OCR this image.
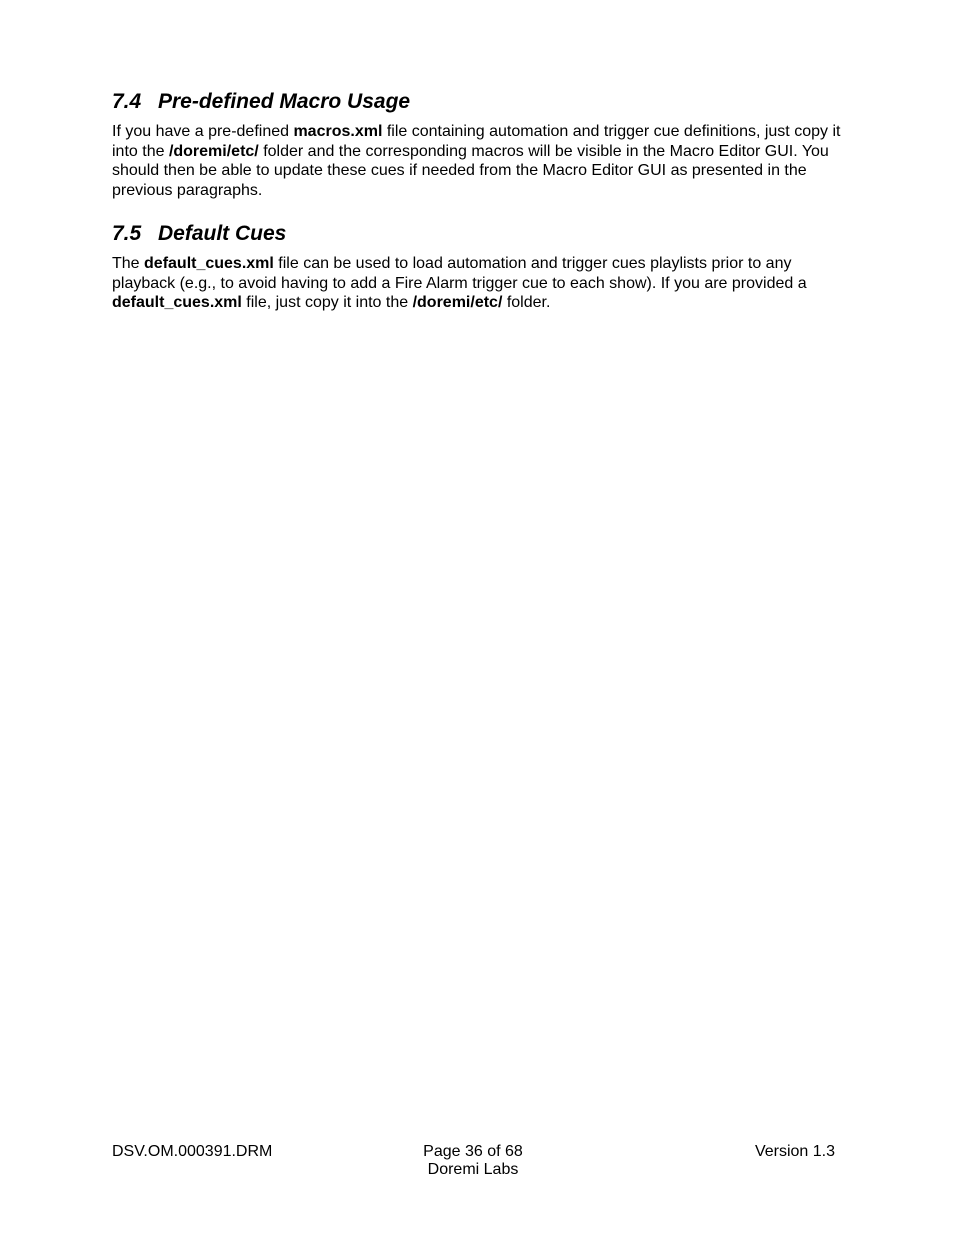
7.4 Pre-defined Macro Usage

If you have a pre-defined macros.xml file containing automation and trigger cue definitions, just copy it into the /doremi/etc/ folder and the corresponding macros will be visible in the Macro Editor GUI. You should then be able to update these cues if needed from the Macro Editor GUI as presented in the previous paragraphs.

7.5 Default Cues

The default_cues.xml file can be used to load automation and trigger cues playlists prior to any playback (e.g., to avoid having to add a Fire Alarm trigger cue to each show). If you are provided a default_cues.xml file, just copy it into the /doremi/etc/ folder.

DSV.OM.000391.DRM	Page 36 of 68
Doremi Labs
Version 1.3
